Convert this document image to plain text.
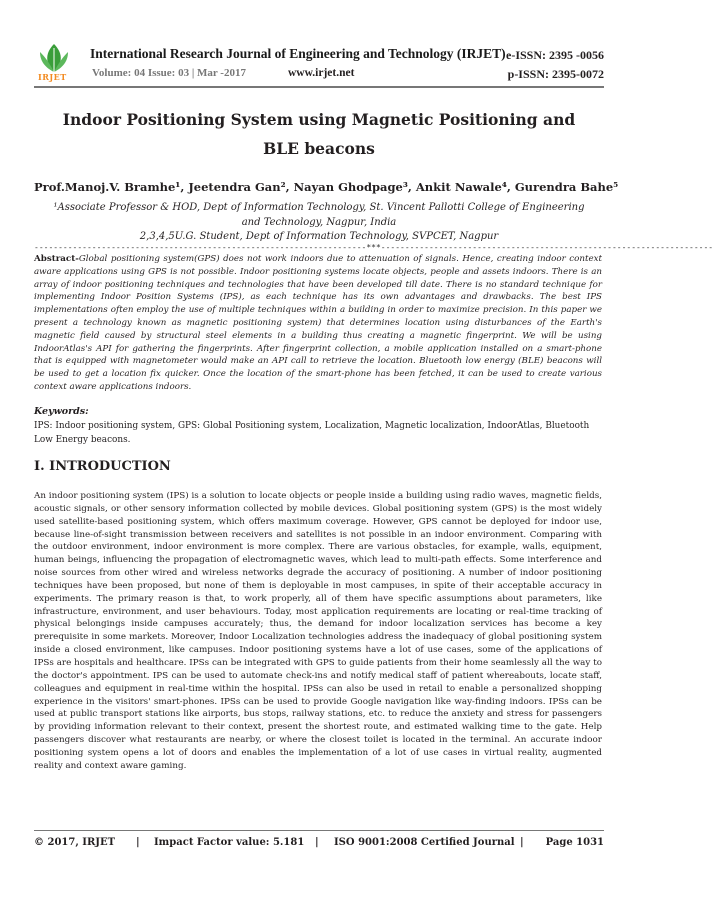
IRJET
International Research Journal of Engineering and Technology (IRJET) e-ISSN: 2395 -0056
Volume: 04 Issue: 03 | Mar -2017	www.irjet.net	p-ISSN: 2395-0072
Indoor Positioning System using Magnetic Positioning and
BLE beacons
Prof.Manoj.V. Bramhe¹, Jeetendra Gan², Nayan Ghodpage³, Ankit Nawale⁴, Gurendra Bahe⁵
¹Associate Professor & HOD, Dept of Information Technology, St. Vincent Pallotti College of Engineering and Technology, Nagpur, India
2,3,4,5U.G. Student, Dept of Information Technology, SVPCET, Nagpur
---------------------------------------------------------------------***---------------------------------------------------------------------
Abstract-Global positioning system(GPS) does not work indoors due to attenuation of signals. Hence, creating indoor context aware applications using GPS is not possible. Indoor positioning systems locate objects, people and assets indoors. There is an array of indoor positioning techniques and technologies that have been developed till date. There is no standard technique for implementing Indoor Position Systems (IPS), as each technique has its own advantages and drawbacks. The best IPS implementations often employ the use of multiple techniques within a building in order to maximize precision. In this paper we present a technology known as magnetic positioning system) that determines location using disturbances of the Earth's magnetic field caused by structural steel elements in a building thus creating a magnetic fingerprint. We will be using IndoorAtlas's API for gathering the fingerprints. After fingerprint collection, a mobile application installed on a smart-phone that is equipped with magnetometer would make an API call to retrieve the location. Bluetooth low energy (BLE) beacons will be used to get a location fix quicker. Once the location of the smart-phone has been fetched, it can be used to create various context aware applications indoors.
Keywords:
IPS: Indoor positioning system, GPS: Global Positioning system, Localization, Magnetic localization, IndoorAtlas, Bluetooth Low Energy beacons.
I. INTRODUCTION
An indoor positioning system (IPS) is a solution to locate objects or people inside a building using radio waves, magnetic fields, acoustic signals, or other sensory information collected by mobile devices. Global positioning system (GPS) is the most widely used satellite-based positioning system, which offers maximum coverage. However, GPS cannot be deployed for indoor use, because line-of-sight transmission between receivers and satellites is not possible in an indoor environment. Comparing with the outdoor environment, indoor environment is more complex. There are various obstacles, for example, walls, equipment, human beings, influencing the propagation of electromagnetic waves, which lead to multi-path effects. Some interference and noise sources from other wired and wireless networks degrade the accuracy of positioning. A number of indoor positioning techniques have been proposed, but none of them is deployable in most campuses, in spite of their acceptable accuracy in experiments. The primary reason is that, to work properly, all of them have specific assumptions about parameters, like infrastructure, environment, and user behaviours. Today, most application requirements are locating or real-time tracking of physical belongings inside campuses accurately; thus, the demand for indoor localization services has become a key prerequisite in some markets. Moreover, Indoor Localization technologies address the inadequacy of global positioning system inside a closed environment, like campuses. Indoor positioning systems have a lot of use cases, some of the applications of IPSs are hospitals and healthcare. IPSs can be integrated with GPS to guide patients from their home seamlessly all the way to the doctor's appointment. IPS can be used to automate check-ins and notify medical staff of patient whereabouts, locate staff, colleagues and equipment in real-time within the hospital. IPSs can also be used in retail to enable a personalized shopping experience in the visitors' smart-phones. IPSs can be used to provide Google navigation like way-finding indoors. IPSs can be used at public transport stations like airports, bus stops, railway stations, etc. to reduce the anxiety and stress for passengers by providing information relevant to their context, present the shortest route, and estimated walking time to the gate. Help passengers discover what restaurants are nearby, or where the closest toilet is located in the terminal. An accurate indoor positioning system opens a lot of doors and enables the implementation of a lot of use cases in virtual reality, augmented reality and context aware gaming.
© 2017, IRJET | Impact Factor value: 5.181 | ISO 9001:2008 Certified Journal | Page 1031
